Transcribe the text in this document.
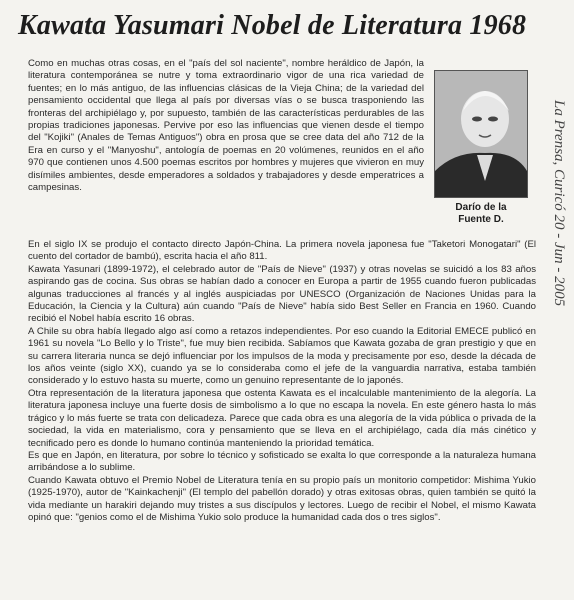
Kawata Yasumari Nobel de Literatura 1968

Como en muchas otras cosas, en el "país del sol naciente", nombre heráldico de Japón, la literatura contemporánea se nutre y toma extraordinario vigor de una rica variedad de fuentes; en lo más antiguo, de las influencias clásicas de la Vieja China; de la variedad del pensamiento occidental que llega al país por diversas vías o se busca trasponiendo las fronteras del archipiélago y, por supuesto, también de las características perdurables de las propias tradiciones japonesas. Pervive por eso las influencias que vienen desde el tiempo del "Kojiki" (Anales de Temas Antiguos") obra en prosa que se cree data del año 712 de la Era en curso y el "Manyoshu", antología de poemas en 20 volúmenes, reunidos en el año 970 que contienen unos 4.500 poemas escritos por hombres y mujeres que vivieron en muy disímiles ambientes, desde emperadores a soldados y trabajadores y desde emperatrices a campesinas.

Darío de la Fuente D.

En el siglo IX se produjo el contacto directo Japón-China. La primera novela japonesa fue "Taketori Monogatari" (El cuento del cortador de bambú), escrita hacia el año 811.

Kawata Yasunari (1899-1972), el celebrado autor de "País de Nieve" (1937) y otras novelas se suicidó a los 83 años aspirando gas de cocina. Sus obras se habían dado a conocer en Europa a partir de 1955 cuando fueron publicadas algunas traducciones al francés y al inglés auspiciadas por UNESCO (Organización de Naciones Unidas para la Educación, la Ciencia y la Cultura) aún cuando "País de Nieve" había sido Best Seller en Francia en 1960. Cuando recibió el Nobel había escrito 16 obras.

A Chile su obra había llegado algo así como a retazos independientes. Por eso cuando la Editorial EMECE publicó en 1961 su novela "Lo Bello y lo Triste", fue muy bien recibida. Sabíamos que Kawata gozaba de gran prestigio y que en su carrera literaria nunca se dejó influenciar por los impulsos de la moda y precisamente por eso, desde la década de los años veinte (siglo XX), cuando ya se lo consideraba como el jefe de la vanguardia narrativa, estaba también considerado y lo estuvo hasta su muerte, como un genuino representante de lo japonés.

Otra representación de la literatura japonesa que ostenta Kawata es el incalculable mantenimiento de la alegoría. La literatura japonesa incluye una fuerte dosis de simbolismo a lo que no escapa la novela. En este género hasta lo más trágico y lo más fuerte se trata con delicadeza. Parece que cada obra es una alegoría de la vida pública o privada de la sociedad, la vida en materialismo, cora y pensamiento que se lleva en el archipiélago, cada día más cinético y tecnificado pero es donde lo humano continúa manteniendo la prioridad temática.

Es que en Japón, en literatura, por sobre lo técnico y sofisticado se exalta lo que corresponde a la naturaleza humana arribándose a lo sublime.

Cuando Kawata obtuvo el Premio Nobel de Literatura tenía en su propio país un monitorio competidor: Mishima Yukio (1925-1970), autor de "Kainkachenji" (El templo del pabellón dorado) y otras exitosas obras, quien también se quitó la vida mediante un harakiri dejando muy tristes a sus discípulos y lectores. Luego de recibir el Nobel, el mismo Kawata opinó que: "genios como el de Mishima Yukio solo produce la humanidad cada dos o tres siglos".

La Prensa, Curicó 20 - Jun - 2005
